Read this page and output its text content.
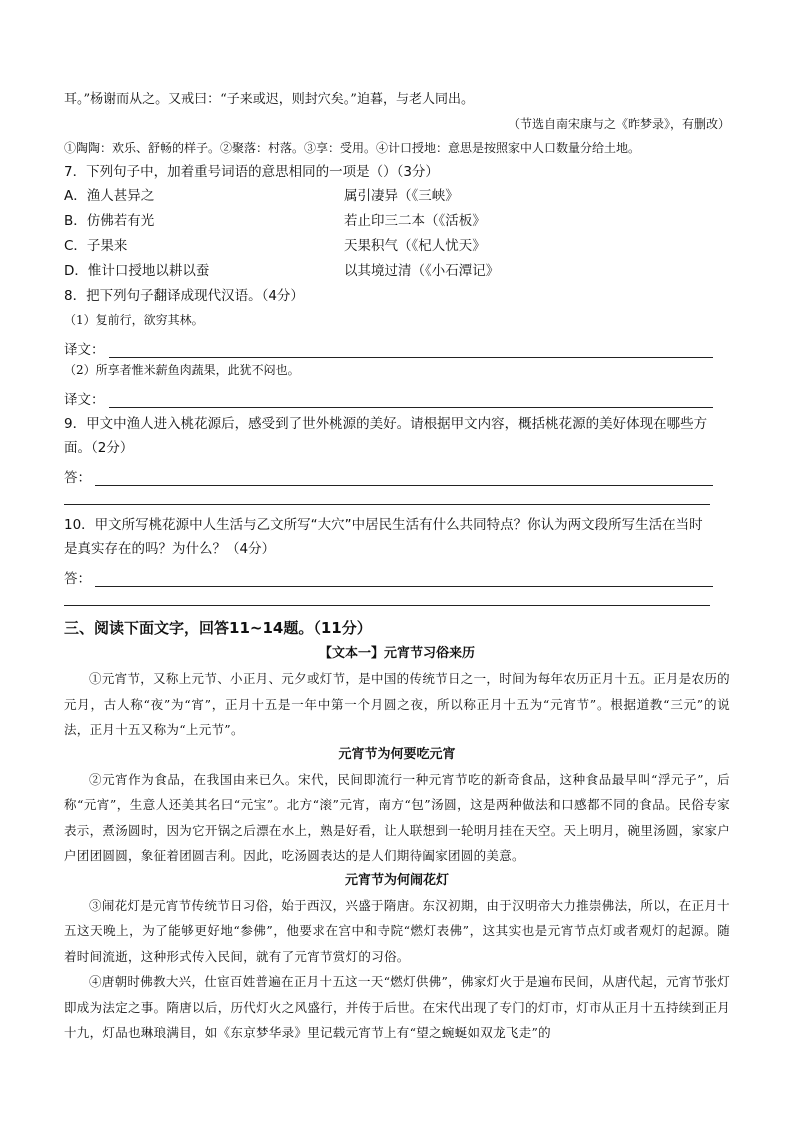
耳。”杨谢而从之。又戒曰：“子来或迟，则封穴矣。”迫暮，与老人同出。
（节选自南宋康与之《昨梦录》，有删改）
①陶陶：欢乐、舒畅的样子。②聚落：村落。③享：受用。④计口授地：意思是按照家中人口数量分给土地。
7．下列句子中，加着重号词语的意思相同的一项是（）（3分）
A．渔人甚异之	属引凄异（《三峡》
B．仿佛若有光	若止印三二本（《活板》
C．子果来	天果积气（《杞人忧天》
D．惟计口授地以耕以蚕	以其境过清（《小石潭记》
8．把下列句子翻译成现代汉语。（4分）
（1）复前行，欲穷其林。
译文：
（2）所享者惟米薪鱼肉蔬果，此犹不闷也。
译文：
9．甲文中渔人进入桃花源后，感受到了世外桃源的美好。请根据甲文内容，概括桃花源的美好体现在哪些方
面。（2分）
答：
10．甲文所写桃花源中人生活与乙文所写“大穴”中居民生活有什么共同特点？你认为两文段所写生活在当时
是真实存在的吗？为什么？（4分）
答：
三、阅读下面文字，回答11~14题。（11分）
【文本一】元宵节习俗来历
①元宵节，又称上元节、小正月、元夕或灯节，是中国的传统节日之一，时间为每年农历正月十五。正月是农历的元月，古人称“夜”为“宵”，正月十五是一年中第一个月圆之夜，所以称正月十五为“元宵节”。根据道教“三元”的说法，正月十五又称为“上元节”。
元宵节为何要吃元宵
②元宵作为食品，在我国由来已久。宋代，民间即流行一种元宵节吃的新奇食品，这种食品最早叫“浮元子”，后称“元宵”，生意人还美其名曰“元宝”。北方“滚”元宵，南方“包”汤圆，这是两种做法和口感都不同的食品。民俗专家表示，煮汤圆时，因为它开锅之后漂在水上，熟是好看，让人联想到一轮明月挂在天空。天上明月，碗里汤圆，家家户户团团圆圆，象征着团圆吉利。因此，吃汤圆表达的是人们期待阖家团圆的美意。
元宵节为何闹花灯
③闹花灯是元宵节传统节日习俗，始于西汉，兴盛于隋唐。东汉初期，由于汉明帝大力推崇佛法，所以，在正月十五这天晚上，为了能够更好地“参佛”，他要求在宫中和寺院“燃灯表佛”，这其实也是元宵节点灯或者观灯的起源。随着时间流逝，这种形式传入民间，就有了元宵节赏灯的习俗。
④唐朝时佛教大兴，仕宦百姓普遍在正月十五这一天“燃灯供佛”，佛家灯火于是遍布民间，从唐代起，元宵节张灯即成为法定之事。隋唐以后，历代灯火之风盛行，并传于后世。在宋代出现了专门的灯市，灯市从正月十五持续到正月十九，灯品也琳琅满目，如《东京梦华录》里记载元宵节上有“望之蜿蜒如双龙飞走”的
